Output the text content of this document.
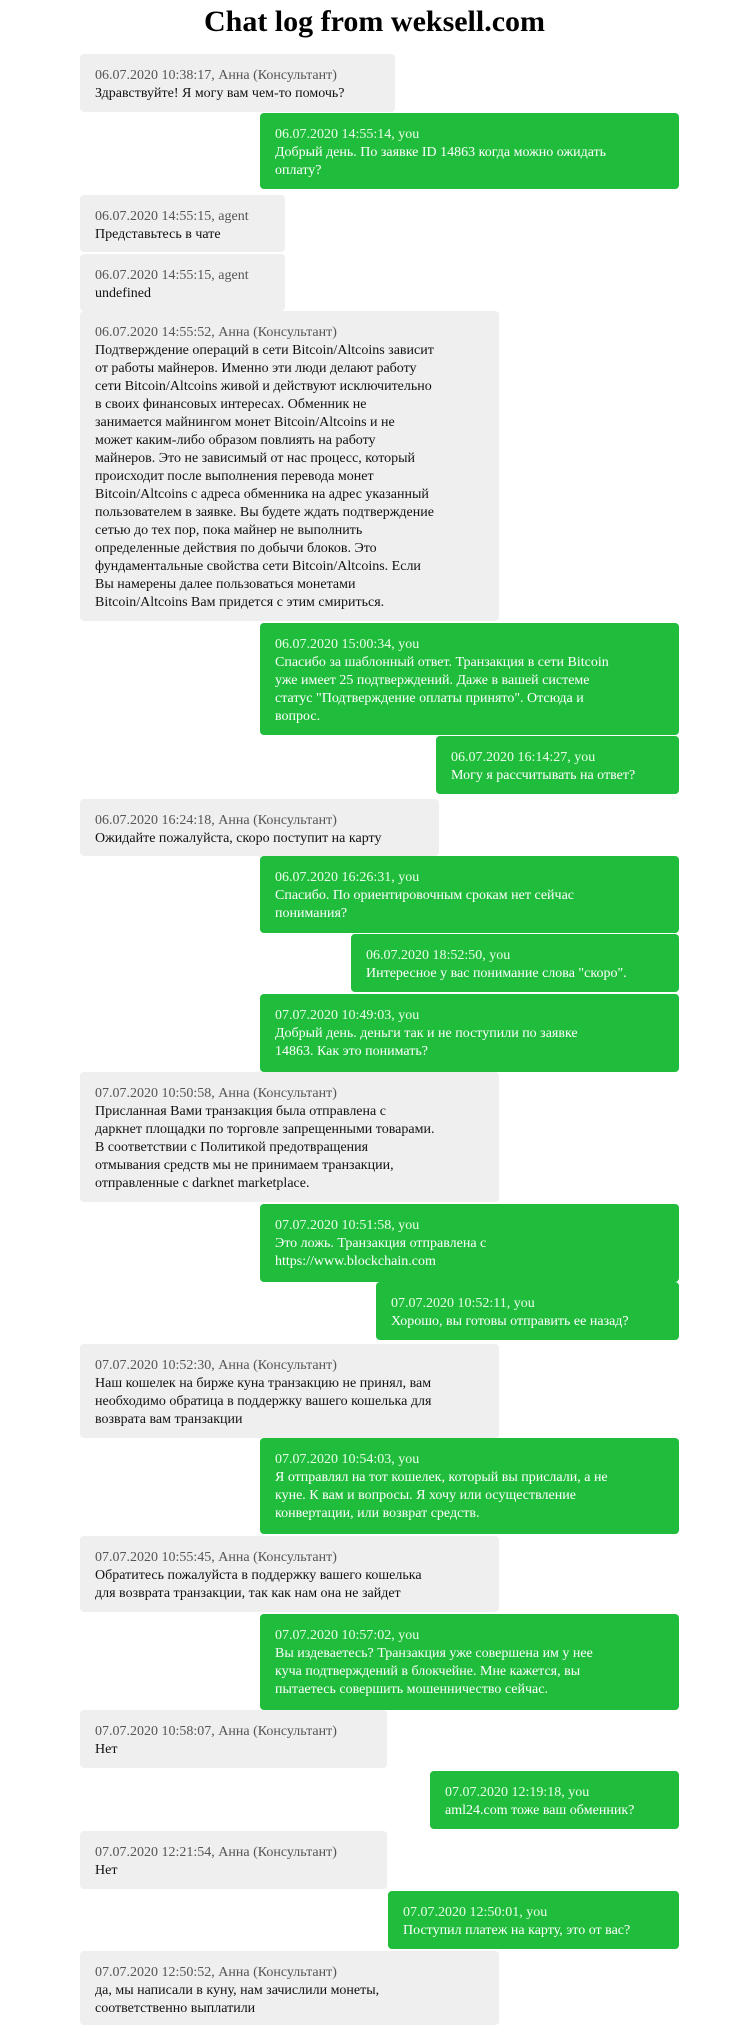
Chat log from weksell.com
06.07.2020 10:38:17, Анна (Консультант)
Здравствуйте! Я могу вам чем-то помочь?
06.07.2020 14:55:14, you
Добрый день. По заявке ID 14863 когда можно ожидать
оплату?
06.07.2020 14:55:15, agent
Представьтесь в чате
06.07.2020 14:55:15, agent
undefined
06.07.2020 14:55:52, Анна (Консультант)
Подтверждение операций в сети Bitcoin/Altcoins зависит
от работы майнеров. Именно эти люди делают работу
сети Bitcoin/Altcoins живой и действуют исключительно
в своих финансовых интересах. Обменник не
занимается майнингом монет Bitcoin/Altcoins и не
может каким-либо образом повлиять на работу
майнеров. Это не зависимый от нас процесс, который
происходит после выполнения перевода монет
Bitcoin/Altcoins с адреса обменника на адрес указанный
пользователем в заявке. Вы будете ждать подтверждение
сетью до тех пор, пока майнер не выполнить
определенные действия по добычи блоков. Это
фундаментальные свойства сети Bitcoin/Altcoins. Если
Вы намерены далее пользоваться монетами
Bitcoin/Altcoins Вам придется с этим смириться.
06.07.2020 15:00:34, you
Спасибо за шаблонный ответ. Транзакция в сети Bitcoin
уже имеет 25 подтверждений. Даже в вашей системе
статус "Подтверждение оплаты принято". Отсюда и
вопрос.
06.07.2020 16:14:27, you
Могу я рассчитывать на ответ?
06.07.2020 16:24:18, Анна (Консультант)
Ожидайте пожалуйста, скоро поступит на карту
06.07.2020 16:26:31, you
Спасибо. По ориентировочным срокам нет сейчас
понимания?
06.07.2020 18:52:50, you
Интересное у вас понимание слова "скоро".
07.07.2020 10:49:03, you
Добрый день. деньги так и не поступили по заявке
14863. Как это понимать?
07.07.2020 10:50:58, Анна (Консультант)
Присланная Вами транзакция была отправлена с
даркнет площадки по торговле запрещенными товарами.
В соответствии с Политикой предотвращения
отмывания средств мы не принимаем транзакции,
отправленные с darknet marketplace.
07.07.2020 10:51:58, you
Это ложь. Транзакция отправлена с
https://www.blockchain.com
07.07.2020 10:52:11, you
Хорошо, вы готовы отправить ее назад?
07.07.2020 10:52:30, Анна (Консультант)
Наш кошелек на бирже куна транзакцию не принял, вам
необходимо обратица в поддержку вашего кошелька для
возврата вам транзакции
07.07.2020 10:54:03, you
Я отправлял на тот кошелек, который вы прислали, а не
куне. К вам и вопросы. Я хочу или осуществление
конвертации, или возврат средств.
07.07.2020 10:55:45, Анна (Консультант)
Обратитесь пожалуйста в поддержку вашего кошелька
для возврата транзакции, так как нам она не зайдет
07.07.2020 10:57:02, you
Вы издеваетесь? Транзакция уже совершена им у нее
куча подтверждений в блокчейне. Мне кажется, вы
пытаетесь совершить мошенничество сейчас.
07.07.2020 10:58:07, Анна (Консультант)
Нет
07.07.2020 12:19:18, you
aml24.com тоже ваш обменник?
07.07.2020 12:21:54, Анна (Консультант)
Нет
07.07.2020 12:50:01, you
Поступил платеж на карту, это от вас?
07.07.2020 12:50:52, Анна (Консультант)
да, мы написали в куну, нам зачислили монеты,
соответственно выплатили
